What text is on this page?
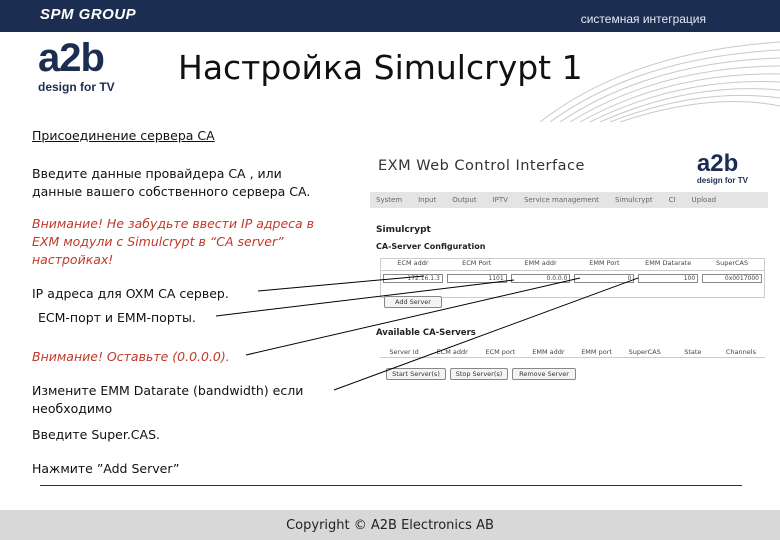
SPM GROUP	системная интеграция
a2b
design for TV	Настройка Simulcrypt 1
Присоединение сервера CA
Введите данные провайдера CA , или
данные вашего собственного сервера CA.
Внимание! Не забудьте ввести IP адреса в
EXM модули с Simulcrypt в “CA server”
настройках!
IP адреса для OXM CA сервер.
ECM-порт и EMM-порты.
Внимание! Оставьте (0.0.0.0).
Измените EMM Datarate (bandwidth) если
необходимо
Введите Super.CAS.
Нажмите ”Add Server”
EXM Web Control Interface	a2b
design for TV
System Input Output IPTV Service management Simulcrypt CI Upload
Simulcrypt
CA-Server Configuration
ECM addr	ECM Port	EMM addr	EMM Port	EMM Datarate	SuperCAS
172.16.1.3	1101	0.0.0.0	0	100	0x0017000
Add Server
Available CA-Servers
Server Id	ECM addr	ECM port	EMM addr	EMM port	SuperCAS	State	Channels
Start Server(s)	Stop Server(s)	Remove Server
Copyright © A2B Electronics AB
